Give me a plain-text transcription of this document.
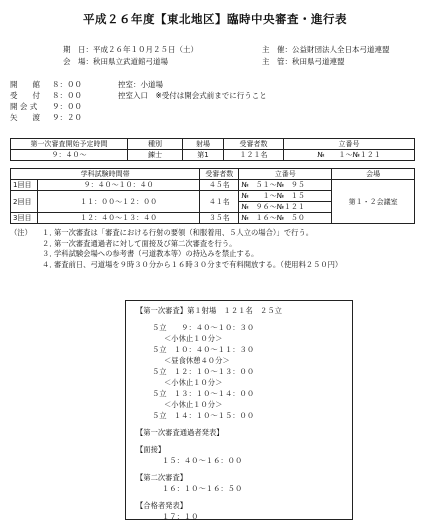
平成２６年度【東北地区】臨時中央審査・進行表
期　日：平成２６年１０月２５日（土）
会　場：秋田県立武道館弓道場
主　催：公益財団法人全日本弓道連盟
主　管：秋田県弓道連盟
開　　館 ８：００	控室：小道場
受　　付 ８：００	控室入口　※受付は開会式前までに行うこと
開 会 式 ９：００
矢　　渡 ９：２０
第一次審査開始予定時間	種別	射場	受審者数	立番号
９：４０～	錬士	第1	１２１名	№　　１～№１２１
学科試験時間帯		受審者数	立番号	会場
1回目	９：４０～１０：４０	４５名	№　５１～№　９５	第１・２会議室
2回目	１１：００～１２：００	４１名	№　　１～№　１５	
			№　９６～№１２１	
3回目	１２：４０～１３：４０	３５名	№　１６～№　５０	
（注） １．第一次審査は「審査における行射の要領（和服着用、５人立の場合）」で行う。
２．第一次審査通過者に対して面接及び第二次審査を行う。
３．学科試験会場への参考書（弓道教本等）の持込みを禁止する。
４．審査前日、弓道場を９時３０分から１６時３０分まで有料開放する。（使用料２５０円）
【第一次審査】第１射場　１２１名　２５立
５立　　９：４０～１０：３０
＜小休止１０分＞
５立　１０：４０～１１：３０
＜昼食休憩４０分＞
５立　１２：１０～１３：００
＜小休止１０分＞
５立　１３：１０～１４：００
＜小休止１０分＞
５立　１４：１０～１５：００
【第一次審査通過者発表】
【面接】
１５：４０～１６：００
【第二次審査】
１６：１０～１６：５０
【合格者発表】
１７：１０
